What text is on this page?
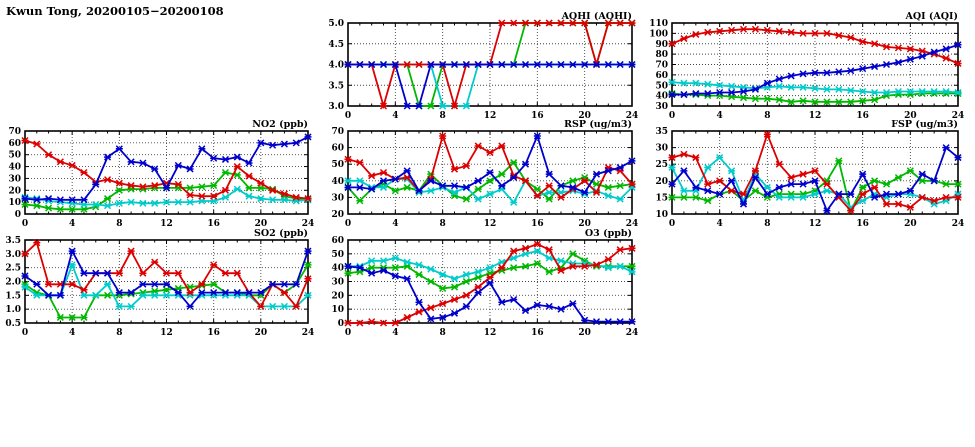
Kwun Tong, 20200105−20200108
3.0
3.5
4.0
4.5
5.0
0	4	8	12	16	20	24
AQHI (AQHI)
30
40
50
60
70
80
90
100
110
0	4	8	12	16	20	24
AQI (AQI)
0
10
20
30
40
50
60
70
0	4	8	12	16	20	24
NO2 (ppb)
20
30
40
50
60
70
0	4	8	12	16	20	24
RSP (ug/m3)
10
15
20
25
30
35
0	4	8	12	16	20	24
FSP (ug/m3)
0.5
1.0
1.5
2.0
2.5
3.0
3.5
0	4	8	12	16	20	24
SO2 (ppb)
0
10
20
30
40
50
60
0	4	8	12	16	20	24
O3 (ppb)
